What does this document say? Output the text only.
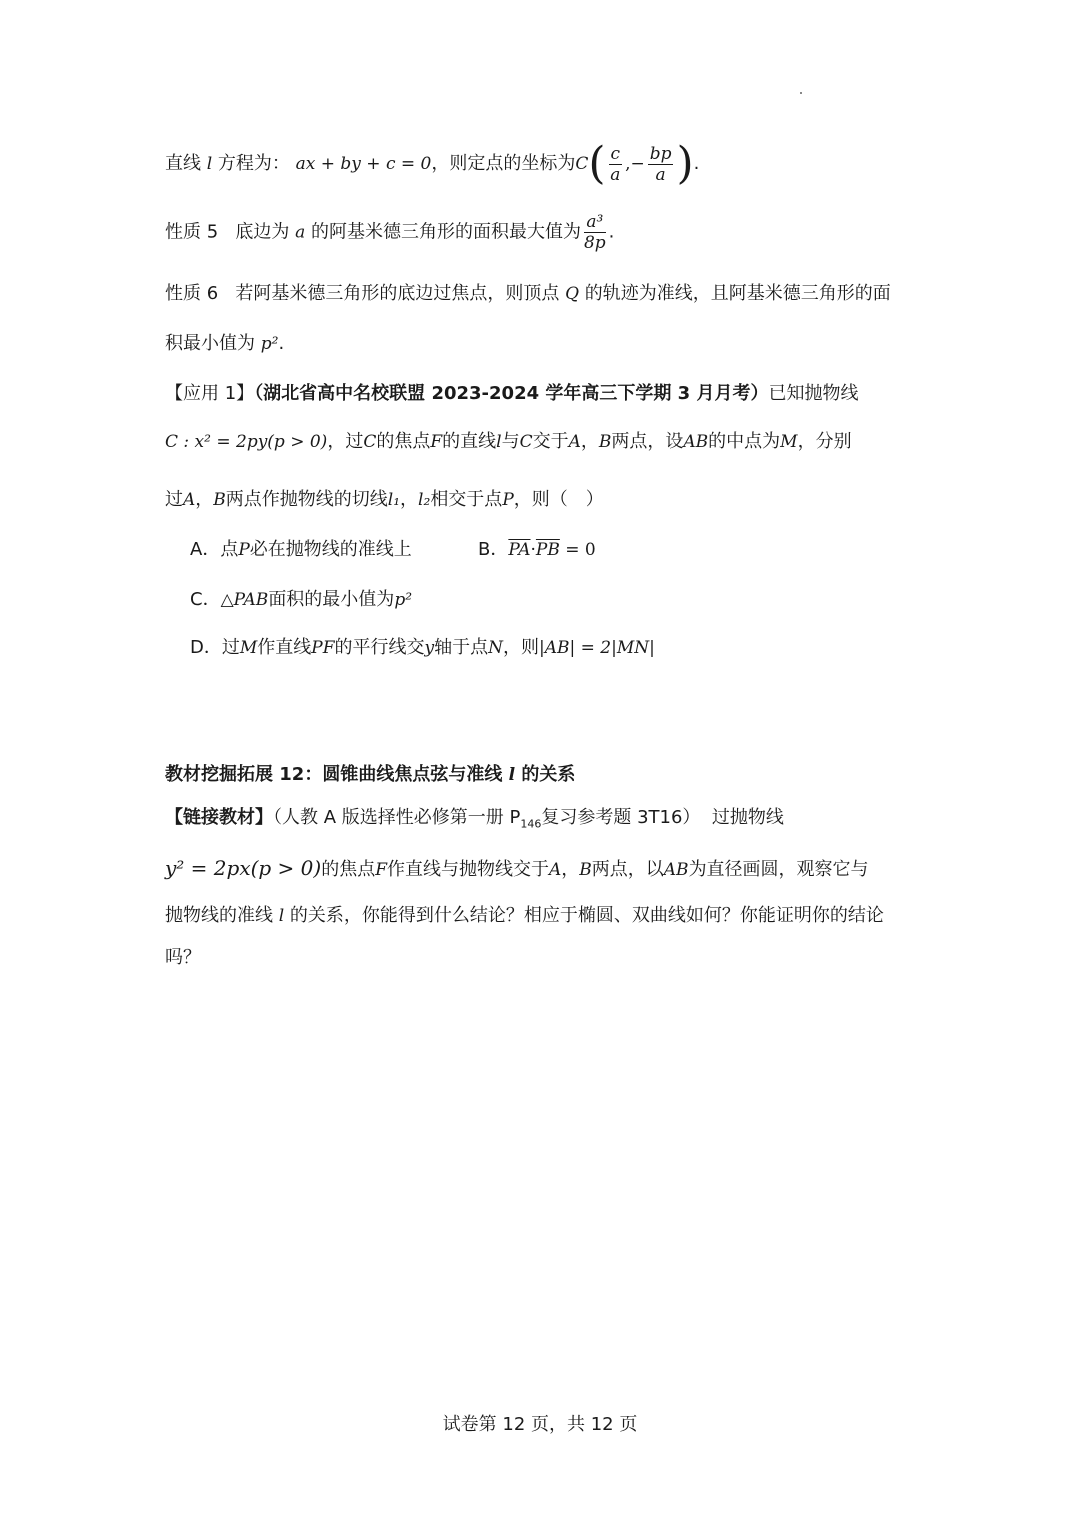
直线 l 方程为： ax + by + c = 0，则定点的坐标为$C( \frac{c}{a}$ ,− $\frac{bp}{a}$ ).
性质 5 底边为 a 的阿基米德三角形的面积最大值为 $\frac{\text{a³}}{8p}$ .
性质 6 若阿基米德三角形的底边过焦点，则顶点 Q 的轨迹为准线，且阿基米德三角形的面
积最小值为 p².
【应用 1】（湖北省高中名校联盟 2023-2024 学年高三下学期 3 月月考）已知抛物线
C : x² = 2py(p > 0)，过C的焦点F的直线l与C交于A，B两点，设AB的中点为M，分别
过A，B两点作抛物线的切线l₁，l₂相交于点P，则（　）
A．点P必在抛物线的准线上	B．$\overline{PA}\cdot\overline{PB} = 0$
C．△PAB面积的最小值为p²
D．过M作直线PF的平行线交y轴于点N，则|AB| = 2|MN|
教材挖掘拓展 12：圆锥曲线焦点弦与准线 l 的关系
【链接教材】（人教 A 版选择性必修第一册 $P_{146}$复习参考题 3T16） 过抛物线
y² = 2px(p > 0)的焦点F作直线与抛物线交于A，B两点，以AB为直径画圆，观察它与
抛物线的准线 l 的关系，你能得到什么结论？相应于椭圆、双曲线如何？你能证明你的结论
吗？
试卷第 12 页，共 12 页
